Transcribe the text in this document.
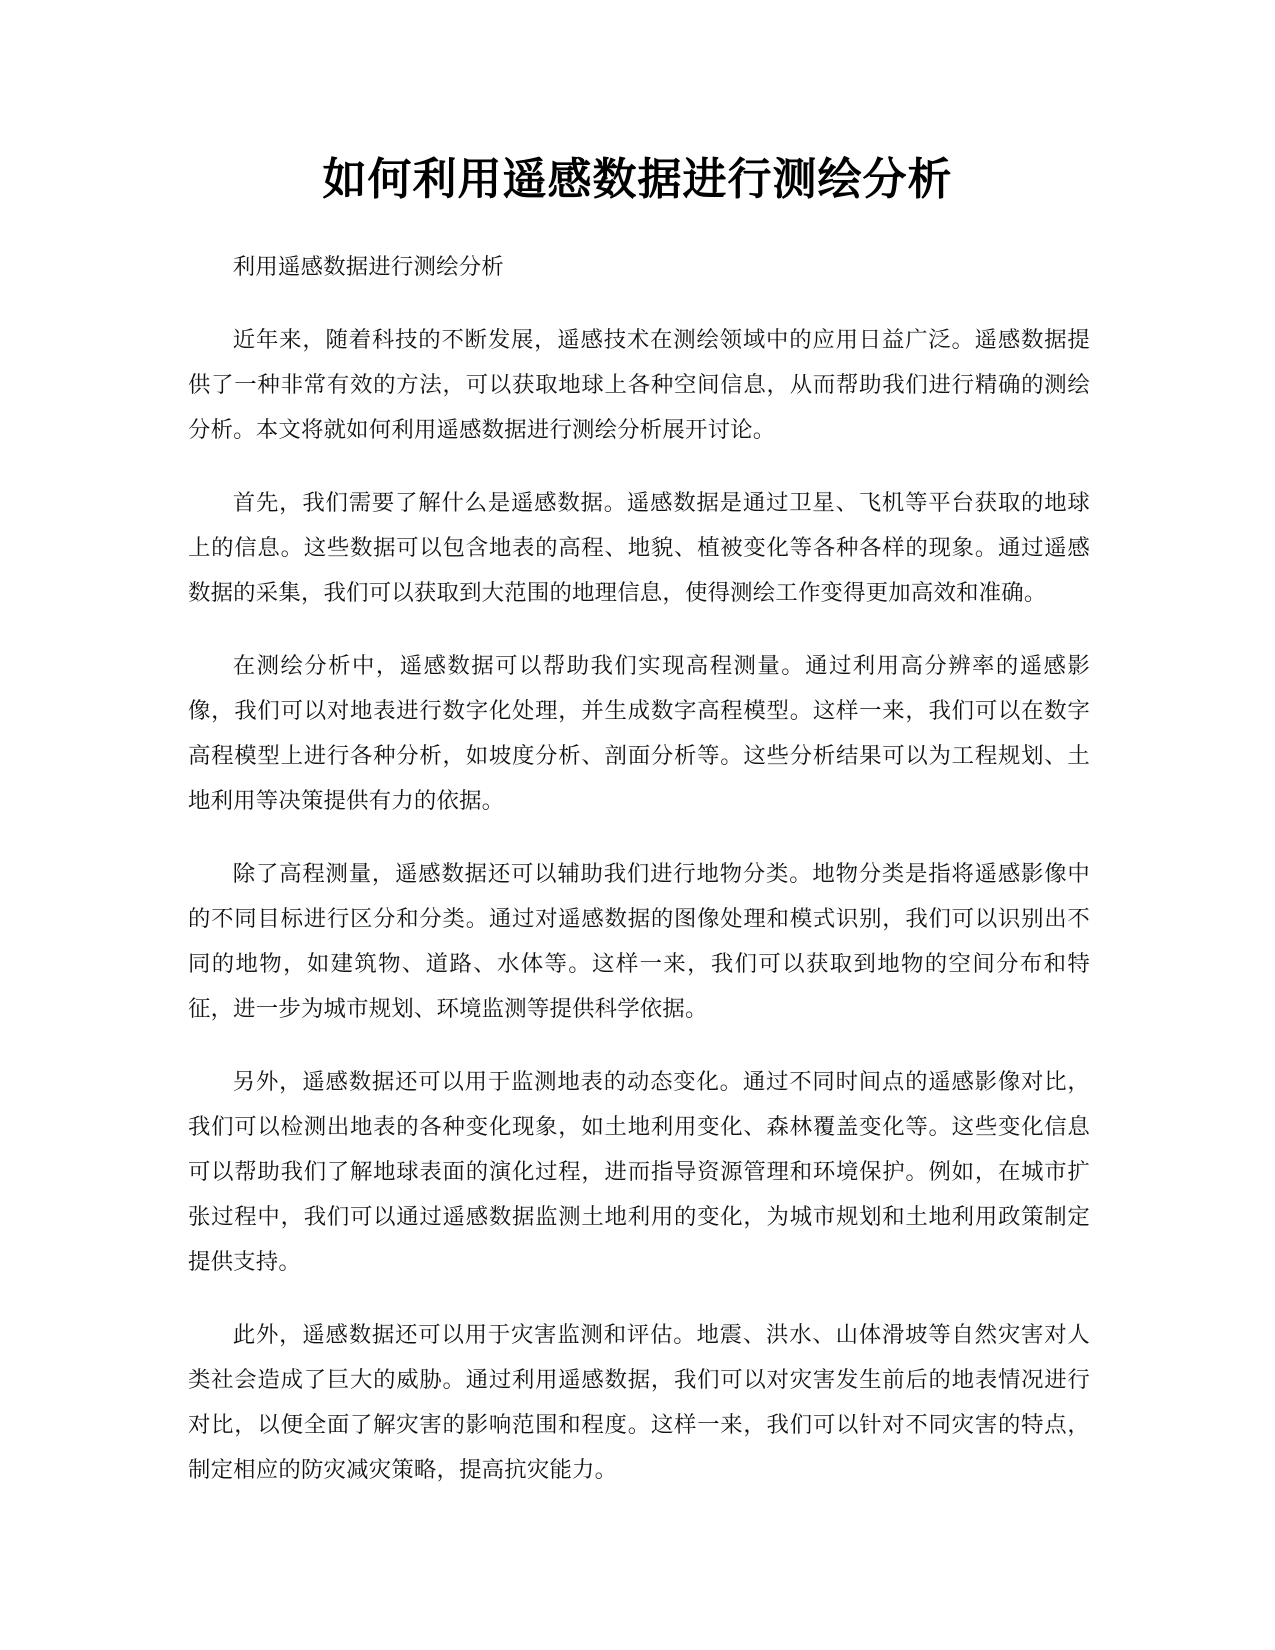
如何利用遥感数据进行测绘分析

利用遥感数据进行测绘分析

近年来，随着科技的不断发展，遥感技术在测绘领域中的应用日益广泛。遥感数据提供了一种非常有效的方法，可以获取地球上各种空间信息，从而帮助我们进行精确的测绘分析。本文将就如何利用遥感数据进行测绘分析展开讨论。

首先，我们需要了解什么是遥感数据。遥感数据是通过卫星、飞机等平台获取的地球上的信息。这些数据可以包含地表的高程、地貌、植被变化等各种各样的现象。通过遥感数据的采集，我们可以获取到大范围的地理信息，使得测绘工作变得更加高效和准确。

在测绘分析中，遥感数据可以帮助我们实现高程测量。通过利用高分辨率的遥感影像，我们可以对地表进行数字化处理，并生成数字高程模型。这样一来，我们可以在数字高程模型上进行各种分析，如坡度分析、剖面分析等。这些分析结果可以为工程规划、土地利用等决策提供有力的依据。

除了高程测量，遥感数据还可以辅助我们进行地物分类。地物分类是指将遥感影像中的不同目标进行区分和分类。通过对遥感数据的图像处理和模式识别，我们可以识别出不同的地物，如建筑物、道路、水体等。这样一来，我们可以获取到地物的空间分布和特征，进一步为城市规划、环境监测等提供科学依据。

另外，遥感数据还可以用于监测地表的动态变化。通过不同时间点的遥感影像对比，我们可以检测出地表的各种变化现象，如土地利用变化、森林覆盖变化等。这些变化信息可以帮助我们了解地球表面的演化过程，进而指导资源管理和环境保护。例如，在城市扩张过程中，我们可以通过遥感数据监测土地利用的变化，为城市规划和土地利用政策制定提供支持。

此外，遥感数据还可以用于灾害监测和评估。地震、洪水、山体滑坡等自然灾害对人类社会造成了巨大的威胁。通过利用遥感数据，我们可以对灾害发生前后的地表情况进行对比，以便全面了解灾害的影响范围和程度。这样一来，我们可以针对不同灾害的特点，制定相应的防灾减灾策略，提高抗灾能力。
